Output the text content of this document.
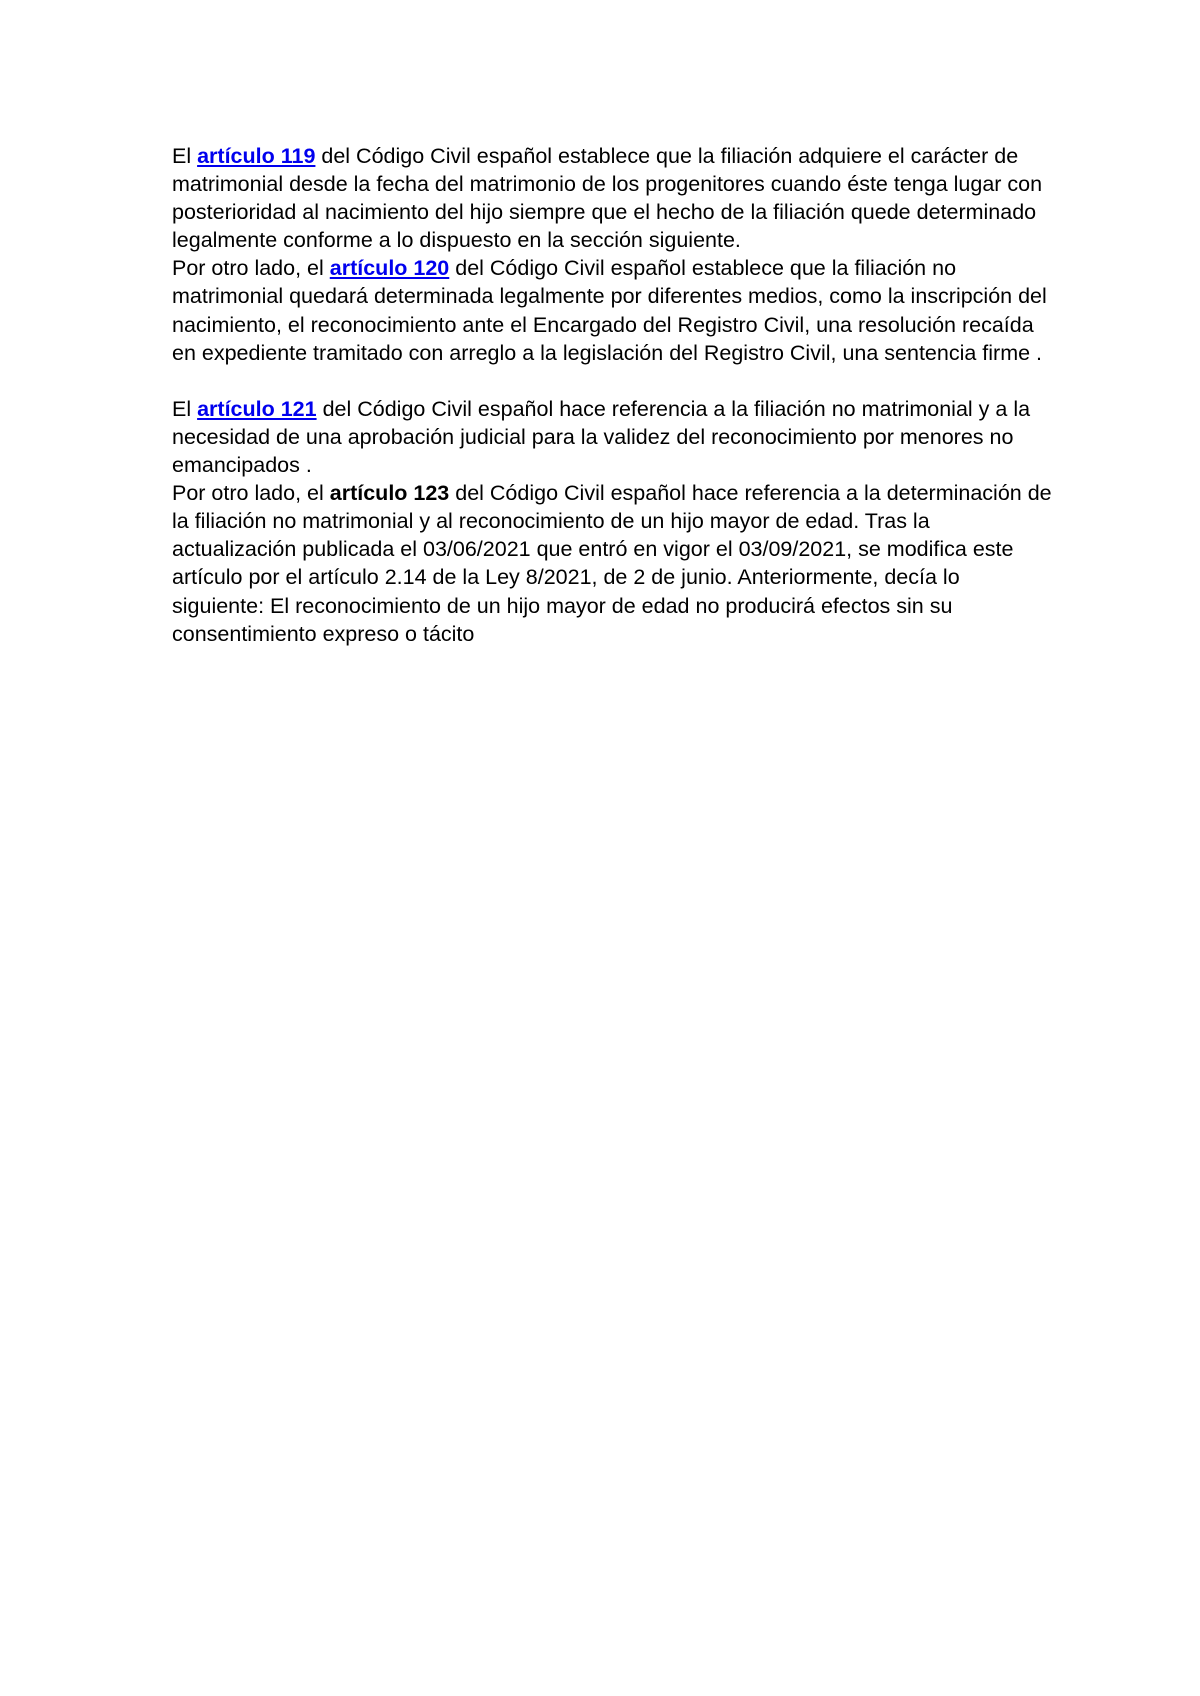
El artículo 119 del Código Civil español establece que la filiación adquiere el carácter de matrimonial desde la fecha del matrimonio de los progenitores cuando éste tenga lugar con posterioridad al nacimiento del hijo siempre que el hecho de la filiación quede determinado legalmente conforme a lo dispuesto en la sección siguiente.

Por otro lado, el artículo 120 del Código Civil español establece que la filiación no matrimonial quedará determinada legalmente por diferentes medios, como la inscripción del nacimiento, el reconocimiento ante el Encargado del Registro Civil, una resolución recaída en expediente tramitado con arreglo a la legislación del Registro Civil, una sentencia firme .

El artículo 121 del Código Civil español hace referencia a la filiación no matrimonial y a la necesidad de una aprobación judicial para la validez del reconocimiento por menores no emancipados .

Por otro lado, el artículo 123 del Código Civil español hace referencia a la determinación de la filiación no matrimonial y al reconocimiento de un hijo mayor de edad. Tras la actualización publicada el 03/06/2021 que entró en vigor el 03/09/2021, se modifica este artículo por el artículo 2.14 de la Ley 8/2021, de 2 de junio. Anteriormente, decía lo siguiente: El reconocimiento de un hijo mayor de edad no producirá efectos sin su consentimiento expreso o tácito
